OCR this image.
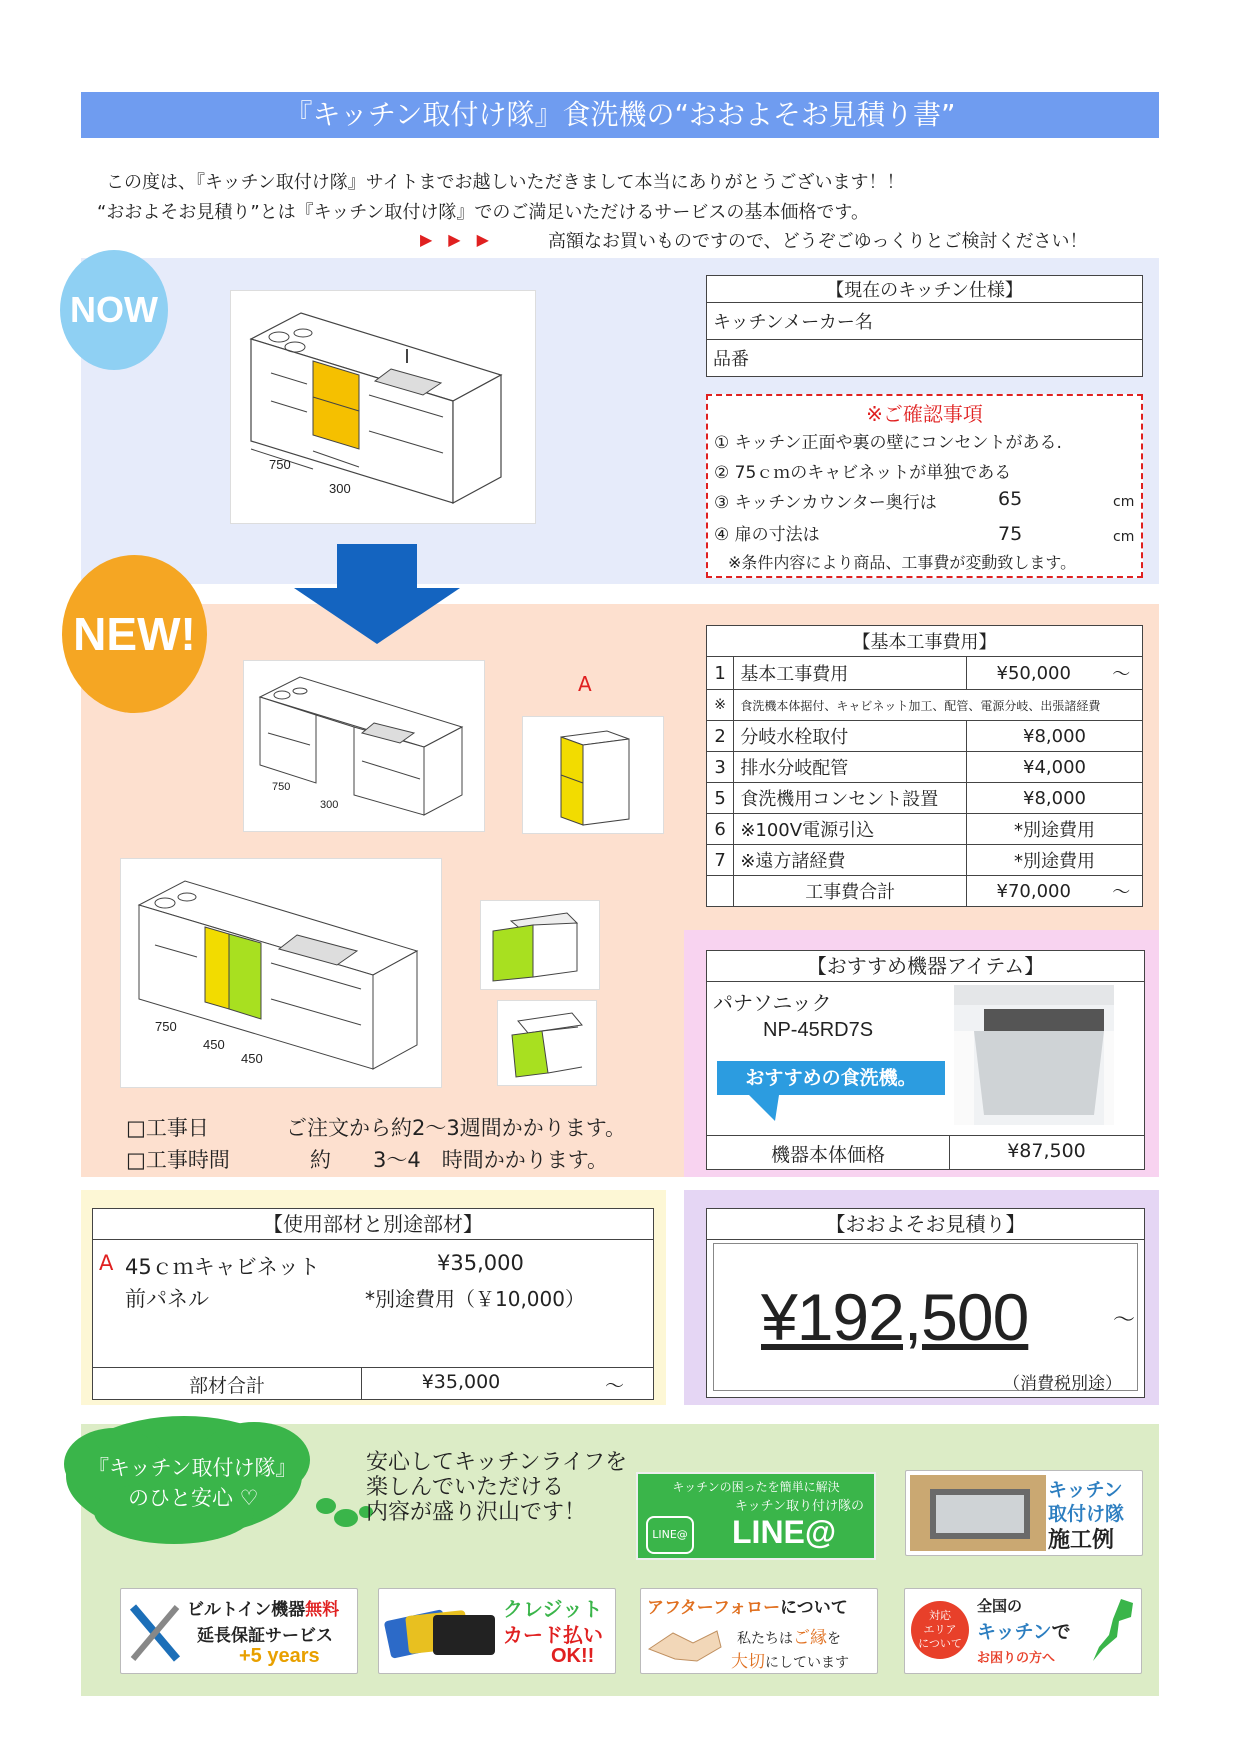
『キッチン取付け隊』食洗機の“おおよそお見積り書”
この度は、『キッチン取付け隊』サイトまでお越しいただきまして本当にありがとうございます！！
“おおよそお見積り”とは『キッチン取付け隊』でのご満足いただけるサービスの基本価格です。
▶　▶　▶	高額なお買いものですので、どうぞごゆっくりとご検討ください！
NOW
750
300
【現在のキッチン仕様】
キッチンメーカー名
品番
※ご確認事項
① キッチン正面や裏の壁にコンセントがある.
② 75ｃｍのキャビネットが単独である
③ キッチンカウンター奥行は	65	cm
④ 扉の寸法は	75	cm
※条件内容により商品、工事費が変動致します。
NEW!
750
300
A
750
450
450
【基本工事費用】			
1	基本工事費用	¥50,000	～
※	食洗機本体据付、キャビネット加工、配管、電源分岐、出張諸経費		
2	分岐水栓取付	¥8,000	
3	排水分岐配管	¥4,000	
5	食洗機用コンセント設置	¥8,000	
6	※100V電源引込	*別途費用	
7	※遠方諸経費	*別途費用	
	工事費合計	¥70,000	～
□工事日	ご注文から約2～3週間かかります。
□工事時間	約　　3～4　時間かかります。
【おすすめ機器アイテム】
パナソニック
NP-45RD7S
おすすめの食洗機。
機器本体価格	¥87,500
【使用部材と別途部材】
A 45ｃｍキャビネット	¥35,000
前パネル	*別途費用（￥10,000）
部材合計	¥35,000	～
【おおよそお見積り】
¥192,500	～
（消費税別途）
『キッチン取付け隊』
のひと安心 ♡
安心してキッチンライフを
楽しんでいただける
内容が盛り沢山です！
キッチンの困ったを簡単に解決
キッチン取り付け隊の
LINE@ LINE@
キッチン
取付け隊
施工例
ビルトイン機器無料
延長保証サービス
+5 years
クレジット
カード払い
OK!!
アフターフォローについて
私たちはご縁を
大切にしています
対応
エリア
について
全国の
キッチンで
お困りの方へ
